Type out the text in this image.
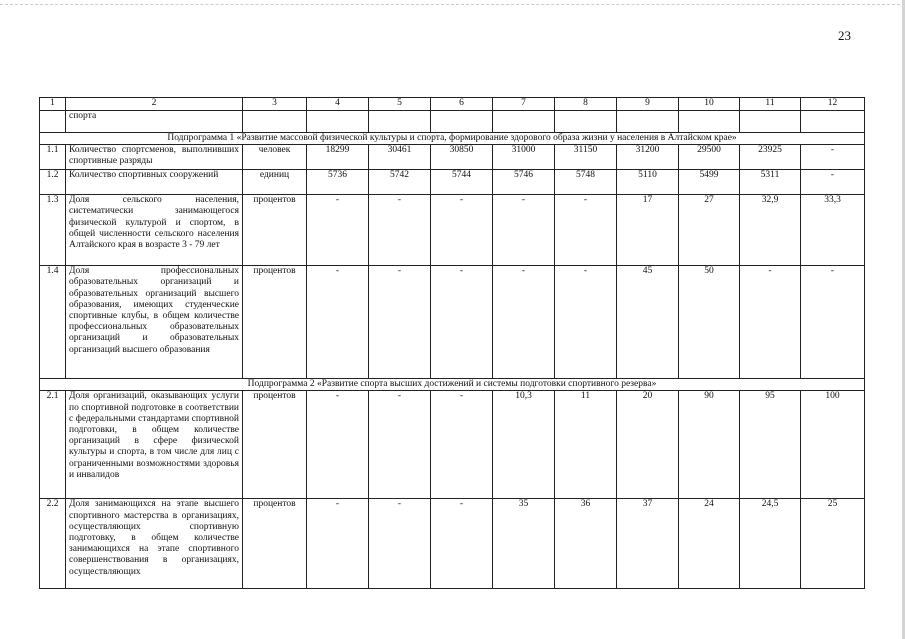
23
1	2	3	4	5	6	7	8	9	10	11	12
	спорта										
Подпрограмма 1 «Развитие массовой физической культуры и спорта, формирование здорового образа жизни у населения в Алтайском крае»											
1.1	Количество спортсменов, выполнивших спортивные разряды	человек	18299	30461	30850	31000	31150	31200	29500	23925	-
1.2	Количество спортивных сооружений	единиц	5736	5742	5744	5746	5748	5110	5499	5311	-
1.3	Доля сельского населения, систематически занимающегося физической культурой и спортом, в общей численности сельского населения Алтайского края в возрасте 3 - 79 лет	процентов	-	-	-	-	-	17	27	32,9	33,3
1.4	Доля профессиональных образовательных организаций и образовательных организаций высшего образования, имеющих студенческие спортивные клубы, в общем количестве профессиональных образовательных организаций и образовательных организаций высшего образования	процентов	-	-	-	-	-	45	50	-	-
Подпрограмма 2 «Развитие спорта высших достижений и системы подготовки спортивного резерва»											
2.1	Доля организаций, оказывающих услуги по спортивной подготовке в соответствии с федеральными стандартами спортивной подготовки, в общем количестве организаций в сфере физической культуры и спорта, в том числе для лиц с ограниченными возможностями здоровья и инвалидов	процентов	-	-	-	10,3	11	20	90	95	100
2.2	Доля занимающихся на этапе высшего спортивного мастерства в организациях, осуществляющих спортивную подготовку, в общем количестве занимающихся на этапе спортивного совершенствования в организациях, осуществляющих	процентов	-	-	-	35	36	37	24	24,5	25
